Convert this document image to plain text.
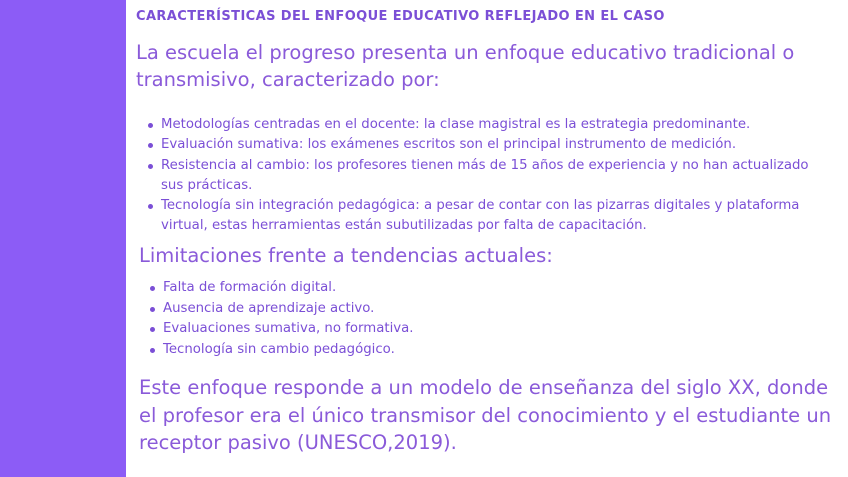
CARACTERÍSTICAS DEL ENFOQUE EDUCATIVO REFLEJADO EN EL CASO

La escuela el progreso presenta un enfoque educativo tradicional o transmisivo, caracterizado por:

Metodologías centradas en el docente: la clase magistral es la estrategia predominante.
Evaluación sumativa: los exámenes escritos son el principal instrumento de medición.
Resistencia al cambio: los profesores tienen más de 15 años de experiencia y no han actualizado sus prácticas.
Tecnología sin integración pedagógica: a pesar de contar con las pizarras digitales y plataforma virtual, estas herramientas están subutilizadas por falta de capacitación.

Limitaciones frente a tendencias actuales:

Falta de formación digital.
Ausencia de aprendizaje activo.
Evaluaciones sumativa, no formativa.
Tecnología sin cambio pedagógico.

Este enfoque responde a un modelo de enseñanza del siglo XX, donde el profesor era el único transmisor del conocimiento y el estudiante un receptor pasivo (UNESCO,2019).
